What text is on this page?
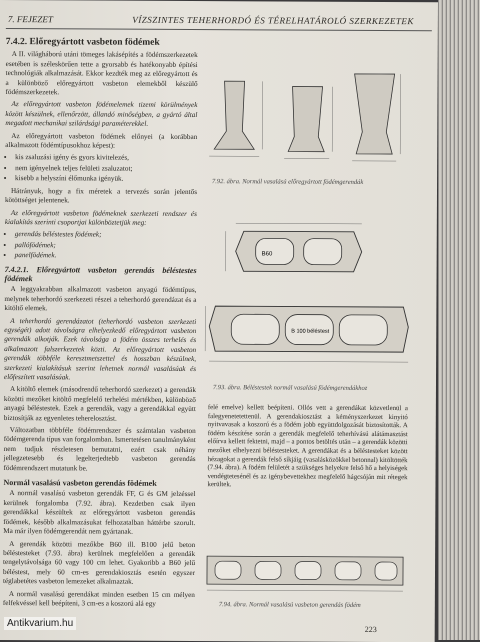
7. FEJEZET	VÍZSZINTES TEHERHORDÓ ÉS TÉRELHATÁROLÓ SZERKEZETEK
7.4.2. Előregyártott vasbeton födémek

A II. világháború utáni tömeges lakásépítés a födémszerkezetek esetében is széleskörűen tette a gyorsabb és hatékonyabb építési technológiák alkalmazását. Ekkor kezdték meg az előregyártott és a különböző előregyártott vasbeton elemekből készülő födémszerkezetek.

Az előregyártott vasbeton födémelemek tizemi körülmények között készülnek, ellenőrzött, állandó minőségben, a gyártó által megadott mechanikai szilárdsági paraméterekkel.

Az előregyártott vasbeton födémek előnyei (a korábban alkalmazott födémtípusokhoz képest):

• kis zsaluzási igény és gyors kivitelezés,
• nem igényelnek teljes felületi zsaluzatot;
• kisebb a helyszíni élőmunka igényük.

Hátrányuk, hogy a fix méretek a tervezés során jelentős kötöttséget jelentenek.

Az előregyártott vasbeton födémeknek szerkezeti rendszer és kialakítás szerinti csoportjai különböztetjük meg:

• gerendás béléstestes födémek;
• pallófödémek;
• panelfödémek.
7.4.2.1. Előregyártott vasbeton gerendás béléstestes födémek

A leggyakrabban alkalmazott vasbeton anyagú födémtípus, melynek teherhordó szerkezeti részei a teherhordó gerendázat és a kitöltő elemek.

A teherhordó gerendázatot (teherhordó vasbeton szerkezeti egységét) adott távolságra elhelyezkedő előregyártott vasbeton gerendák alkotják. Ezek távolsága a födém összes terhelés és alkalmazott falszerkezetek közti. Az előregyártott vasbeton gerendák többféle keresztmetszettel és hosszban készülnek, szerkezeti kialakításuk szerint lehetnek normál vasalásúak és előfeszített vasalásúak.

A kitöltő elemek (másodrendű teherhordó szerkezet) a gerendák közötti mezőket kitöltő megfelelő terhelési mértékben, különböző anyagú béléstestek. Ezek a gerendák, vagy a gerendákkal együtt biztosítják az egyenletes teherelosztást.

Változatban többféle födémrendszer és számtalan vasbeton födémgerenda típus van forgalomban. Ismertetésen tanulmányként nem tudjuk részletesen bemutatni, ezért csak néhány jellegzetesebb és legelterjedtebb vasbeton gerendás födémrendszert mutatunk be.

Normál vasalású vasbeton gerendás födémek

A normál vasalású vasbeton gerendák FF, G és GM jelzéssel kerülnek forgalomba (7.92. ábra). Kezdetben csak ilyen gerendákkal készültek az előregyártott vasbeton gerendás födémek, később alkalmazásukat felhozatalban háttérbe szorult. Ma már ilyen födémgerendát nem gyártanak.

A gerendák közötti mezőkbe B60 ill. B100 jelű beton béléstesteket (7.93. ábra) kerülnek megfelelően a gerendák tengelytávolsága 60 vagy 100 cm lehet. Gyakoribb a B60 jelű béléstest, mely 60 cm-es gerendakiosztás esetén egyszer téglabetétes vasbeton lemezeket alkalmaztak.

A normál vasalású gerendákat minden esetben 15 cm mélyen felfekvéssel kell beépíteni, 3 cm-es a koszorú alá egy

7.92. ábra. Normál vasalású előregyártott födémgerendák
B60
B 100 béléstest
7.93. ábra. Béléstestek normál vasalású födémgerendákhoz
felé emelve) kellett beépíteni. Ollós vett a gerendákat közvetlenül a falegyenetetettenül. A gerendakiosztást a kéményszerkezet kinyitó nyitvavasak a koszorú és a födém jobb együttdolgozását biztosították. A födém készítése során a gerendák megfelelő teherhívású alátámasztást előírva kellett fektetni, majd – a pontos betöltés után – a gerendák közötti mezőket elhelyezni béléstesteket. A gerendákat és a béléstesteket között hézagokat a gerendák felső síkjáig (vasalásközökkel betonnal) kitöltötték (7.94. ábra). A födém felületét a szükséges helyekre felső hő a helyiségek vendégtetesénél és az igénybevettekhez megfelelő hágcsóján mit rétegek kerültek.
7.94. ábra. Normál vasalású vasbeton gerendás födém
223
Antikvarium.hu
